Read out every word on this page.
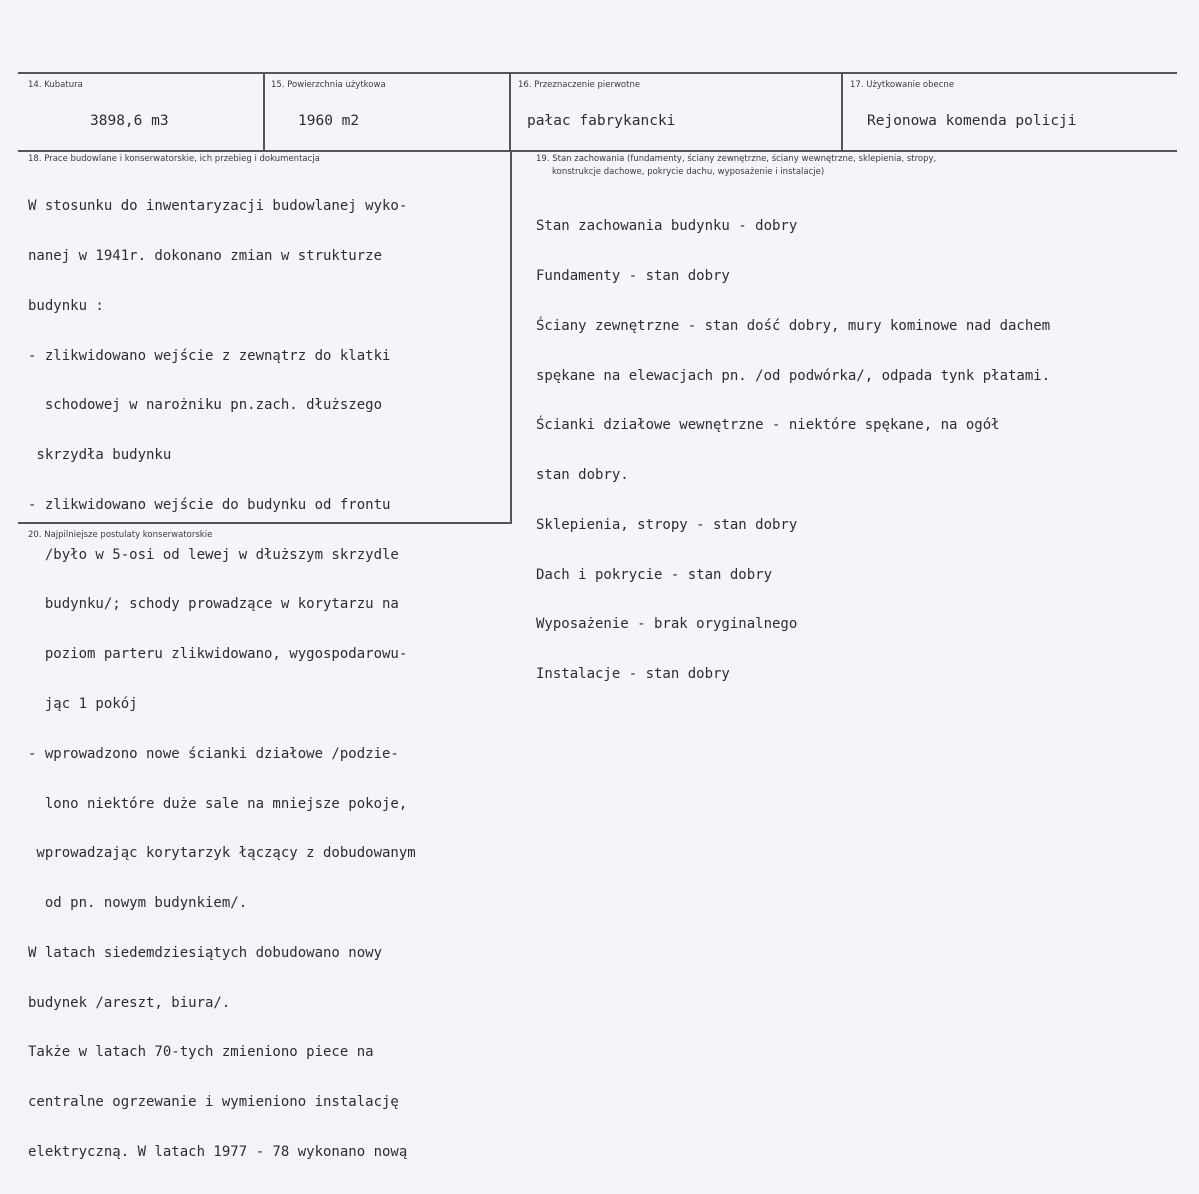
14. Kubatura
3898,6 m3
15. Powierzchnia użytkowa
1960 m2
16. Przeznaczenie pierwotne
pałac fabrykancki
17. Użytkowanie obecne
Rejonowa komenda policji
18. Prace budowlane i konserwatorskie, ich przebieg i dokumentacja

W stosunku do inwentaryzacji budowlanej wyko-

nanej w 1941r. dokonano zmian w strukturze

budynku :

- zlikwidowano wejście z zewnątrz do klatki

schodowej w narożniku pn.zach. dłuższego

skrzydła budynku

- zlikwidowano wejście do budynku od frontu

/było w 5-osi od lewej w dłuższym skrzydle

budynku/; schody prowadzące w korytarzu na

poziom parteru zlikwidowano, wygospodarowu-

jąc 1 pokój

- wprowadzono nowe ścianki działowe /podzie-

lono niektóre duże sale na mniejsze pokoje,

wprowadzając korytarzyk łączący z dobudowanym

od pn. nowym budynkiem/.

W latach siedemdziesiątych dobudowano nowy

budynek /areszt, biura/.

Także w latach 70-tych zmieniono piece na

centralne ogrzewanie i wymieniono instalację

elektryczną. W latach 1977 - 78 wykonano nową

19. Stan zachowania (fundamenty, ściany zewnętrzne, ściany wewnętrzne, sklepienia, stropy,
konstrukcje dachowe, pokrycie dachu, wyposażenie i instalacje)

Stan zachowania budynku - dobry

Fundamenty - stan dobry

Ściany zewnętrzne - stan dość dobry, mury kominowe nad dachem

spękane na elewacjach pn. /od podwórka/, odpada tynk płatami.

Ścianki działowe wewnętrzne - niektóre spękane, na ogół

stan dobry.

Sklepienia, stropy - stan dobry

Dach i pokrycie - stan dobry

Wyposażenie - brak oryginalnego

Instalacje - stan dobry

20. Najpilniejsze postulaty konserwatorskie
